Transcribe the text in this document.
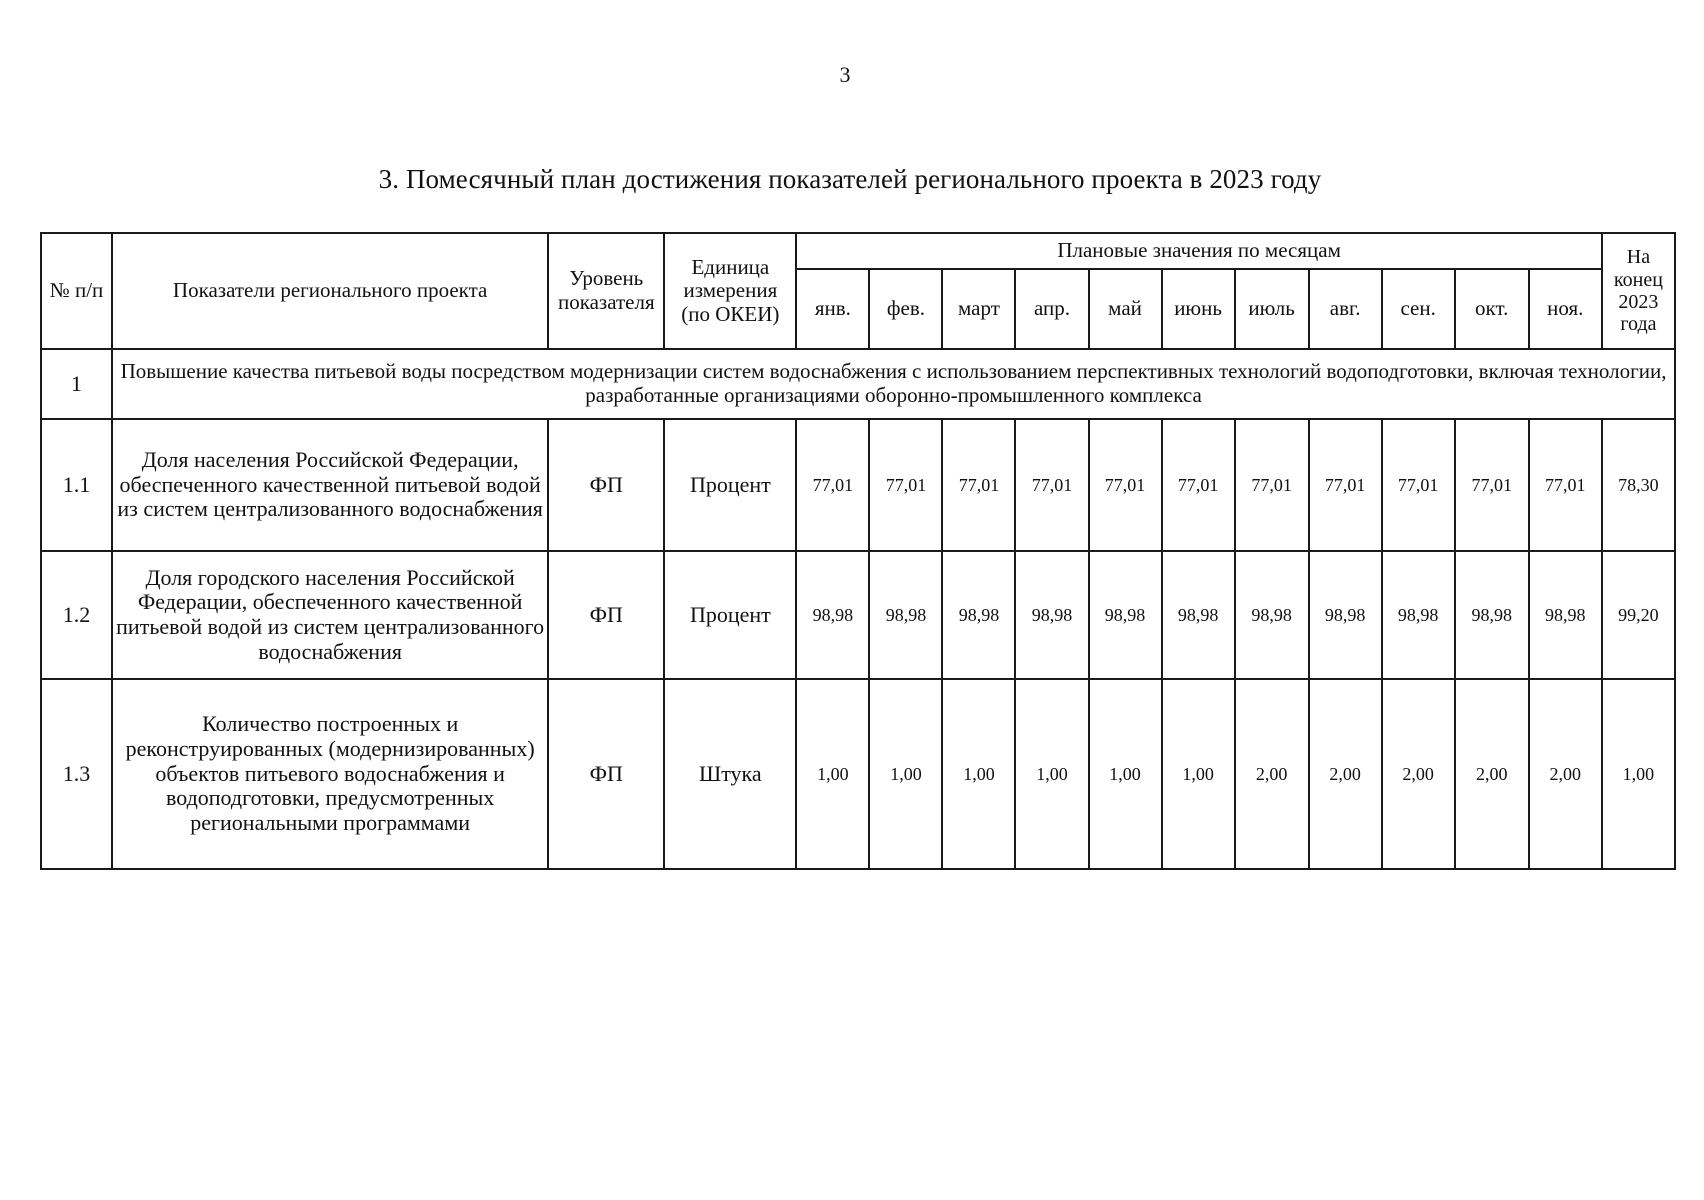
3
3. Помесячный план достижения показателей регионального проекта в 2023 году
№ п/п	Показатели регионального проекта	Уровень показателя	Единица измерения (по ОКЕИ)	Плановые значения по месяцам											На конец 2023 года
				янв.	фев.	март	апр.	май	июнь	июль	авг.	сен.	окт.	ноя.	
1	Повышение качества питьевой воды посредством модернизации систем водоснабжения с использованием перспективных технологий водоподготовки, включая технологии, разработанные организациями оборонно-промышленного комплекса														
1.1	Доля населения Российской Федерации, обеспеченного качественной питьевой водой из систем централизованного водоснабжения	ФП	Процент	77,01	77,01	77,01	77,01	77,01	77,01	77,01	77,01	77,01	77,01	77,01	78,30
1.2	Доля городского населения Российской Федерации, обеспеченного качественной питьевой водой из систем централизованного водоснабжения	ФП	Процент	98,98	98,98	98,98	98,98	98,98	98,98	98,98	98,98	98,98	98,98	98,98	99,20
1.3	Количество построенных и реконструированных (модернизированных) объектов питьевого водоснабжения и водоподготовки, предусмотренных региональными программами	ФП	Штука	1,00	1,00	1,00	1,00	1,00	1,00	2,00	2,00	2,00	2,00	2,00	1,00
